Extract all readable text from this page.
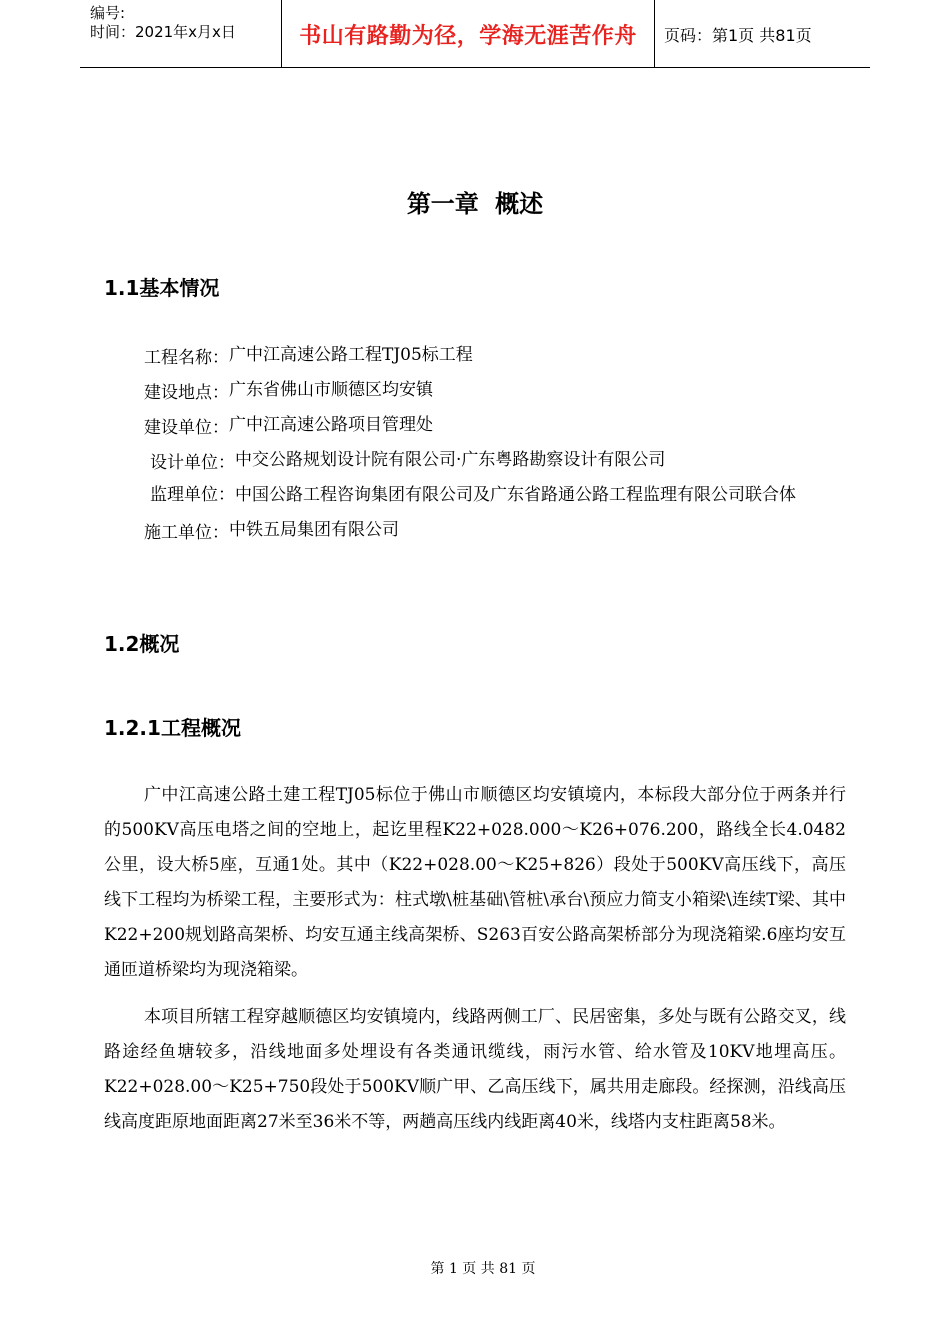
编号:
时间：2021年x月x日	书山有路勤为径，学海无涯苦作舟	页码：第1页 共81页
第一章 概述
1.1基本情况
工程名称： 广中江高速公路工程TJ05标工程
建设地点： 广东省佛山市顺德区均安镇
建设单位： 广中江高速公路项目管理处
设计单位： 中交公路规划设计院有限公司·广东粤路勘察设计有限公司
监理单位： 中国公路工程咨询集团有限公司及广东省路通公路工程监理有限公司联合体
施工单位： 中铁五局集团有限公司
1.2概况
1.2.1工程概况

广中江高速公路土建工程TJ05标位于佛山市顺德区均安镇境内，本标段大部分位于两条并行的500KV高压电塔之间的空地上，起讫里程K22+028.000～K26+076.200，路线全长4.0482公里，设大桥5座，互通1处。其中（K22+028.00～K25+826）段处于500KV高压线下，高压线下工程均为桥梁工程，主要形式为：柱式墩\桩基础\管桩\承台\预应力简支小箱梁\连续T梁、其中K22+200规划路高架桥、均安互通主线高架桥、S263百安公路高架桥部分为现浇箱梁.6座均安互通匝道桥梁均为现浇箱梁。

本项目所辖工程穿越顺德区均安镇境内，线路两侧工厂、民居密集，多处与既有公路交叉，线路途经鱼塘较多，沿线地面多处埋设有各类通讯缆线，雨污水管、给水管及10KV地埋高压。K22+028.00～K25+750段处于500KV顺广甲、乙高压线下，属共用走廊段。经探测，沿线高压线高度距原地面距离27米至36米不等，两趟高压线内线距离40米，线塔内支柱距离58米。

第 1 页 共 81 页
